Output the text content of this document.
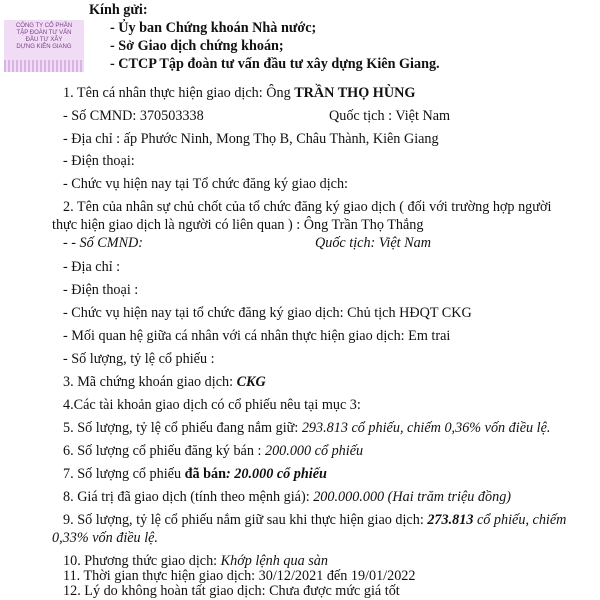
CÔNG TY CỔ PHẦN
TẬP ĐOÀN TƯ VẤN
ĐẦU TƯ XÂY
DỰNG KIÊN GIANG
Kính gửi:
- Ủy ban Chứng khoán Nhà nước;
- Sở Giao dịch chứng khoán;
- CTCP Tập đoàn tư vấn đầu tư xây dựng Kiên Giang.
1. Tên cá nhân thực hiện giao dịch: Ông TRẦN THỌ HÙNG
- Số CMND: 370503338	Quốc tịch : Việt Nam
- Địa chỉ : ấp Phước Ninh, Mong Thọ B, Châu Thành, Kiên Giang
- Điện thoại:
- Chức vụ hiện nay tại Tổ chức đăng ký giao dịch:
2. Tên của nhân sự chủ chốt của tổ chức đăng ký giao dịch ( đối với trường hợp người
thực hiện giao dịch là người có liên quan ) : Ông Trần Thọ Thắng
- - Số CMND:	Quốc tịch: Việt Nam
- Địa chỉ :
- Điện thoại :
- Chức vụ hiện nay tại tổ chức đăng ký giao dịch: Chủ tịch HĐQT CKG
- Mối quan hệ giữa cá nhân với cá nhân thực hiện giao dịch: Em trai
- Số lượng, tỷ lệ cổ phiếu :
3. Mã chứng khoán giao dịch: CKG
4.Các tài khoản giao dịch có cổ phiếu nêu tại mục 3:
5. Số lượng, tỷ lệ cổ phiếu đang nắm giữ: 293.813 cổ phiếu, chiếm 0,36% vốn điều lệ.
6. Số lượng cổ phiếu đăng ký bán : 200.000 cổ phiếu
7. Số lượng cổ phiếu đã bán: 20.000 cổ phiếu
8. Giá trị đã giao dịch (tính theo mệnh giá): 200.000.000 (Hai trăm triệu đồng)
9. Số lượng, tỷ lệ cổ phiếu nắm giữ sau khi thực hiện giao dịch: 273.813 cổ phiếu, chiếm
0,33% vốn điều lệ.
10. Phương thức giao dịch: Khớp lệnh qua sàn
11. Thời gian thực hiện giao dịch: 30/12/2021 đến 19/01/2022
12. Lý do không hoàn tất giao dịch: Chưa được mức giá tốt
